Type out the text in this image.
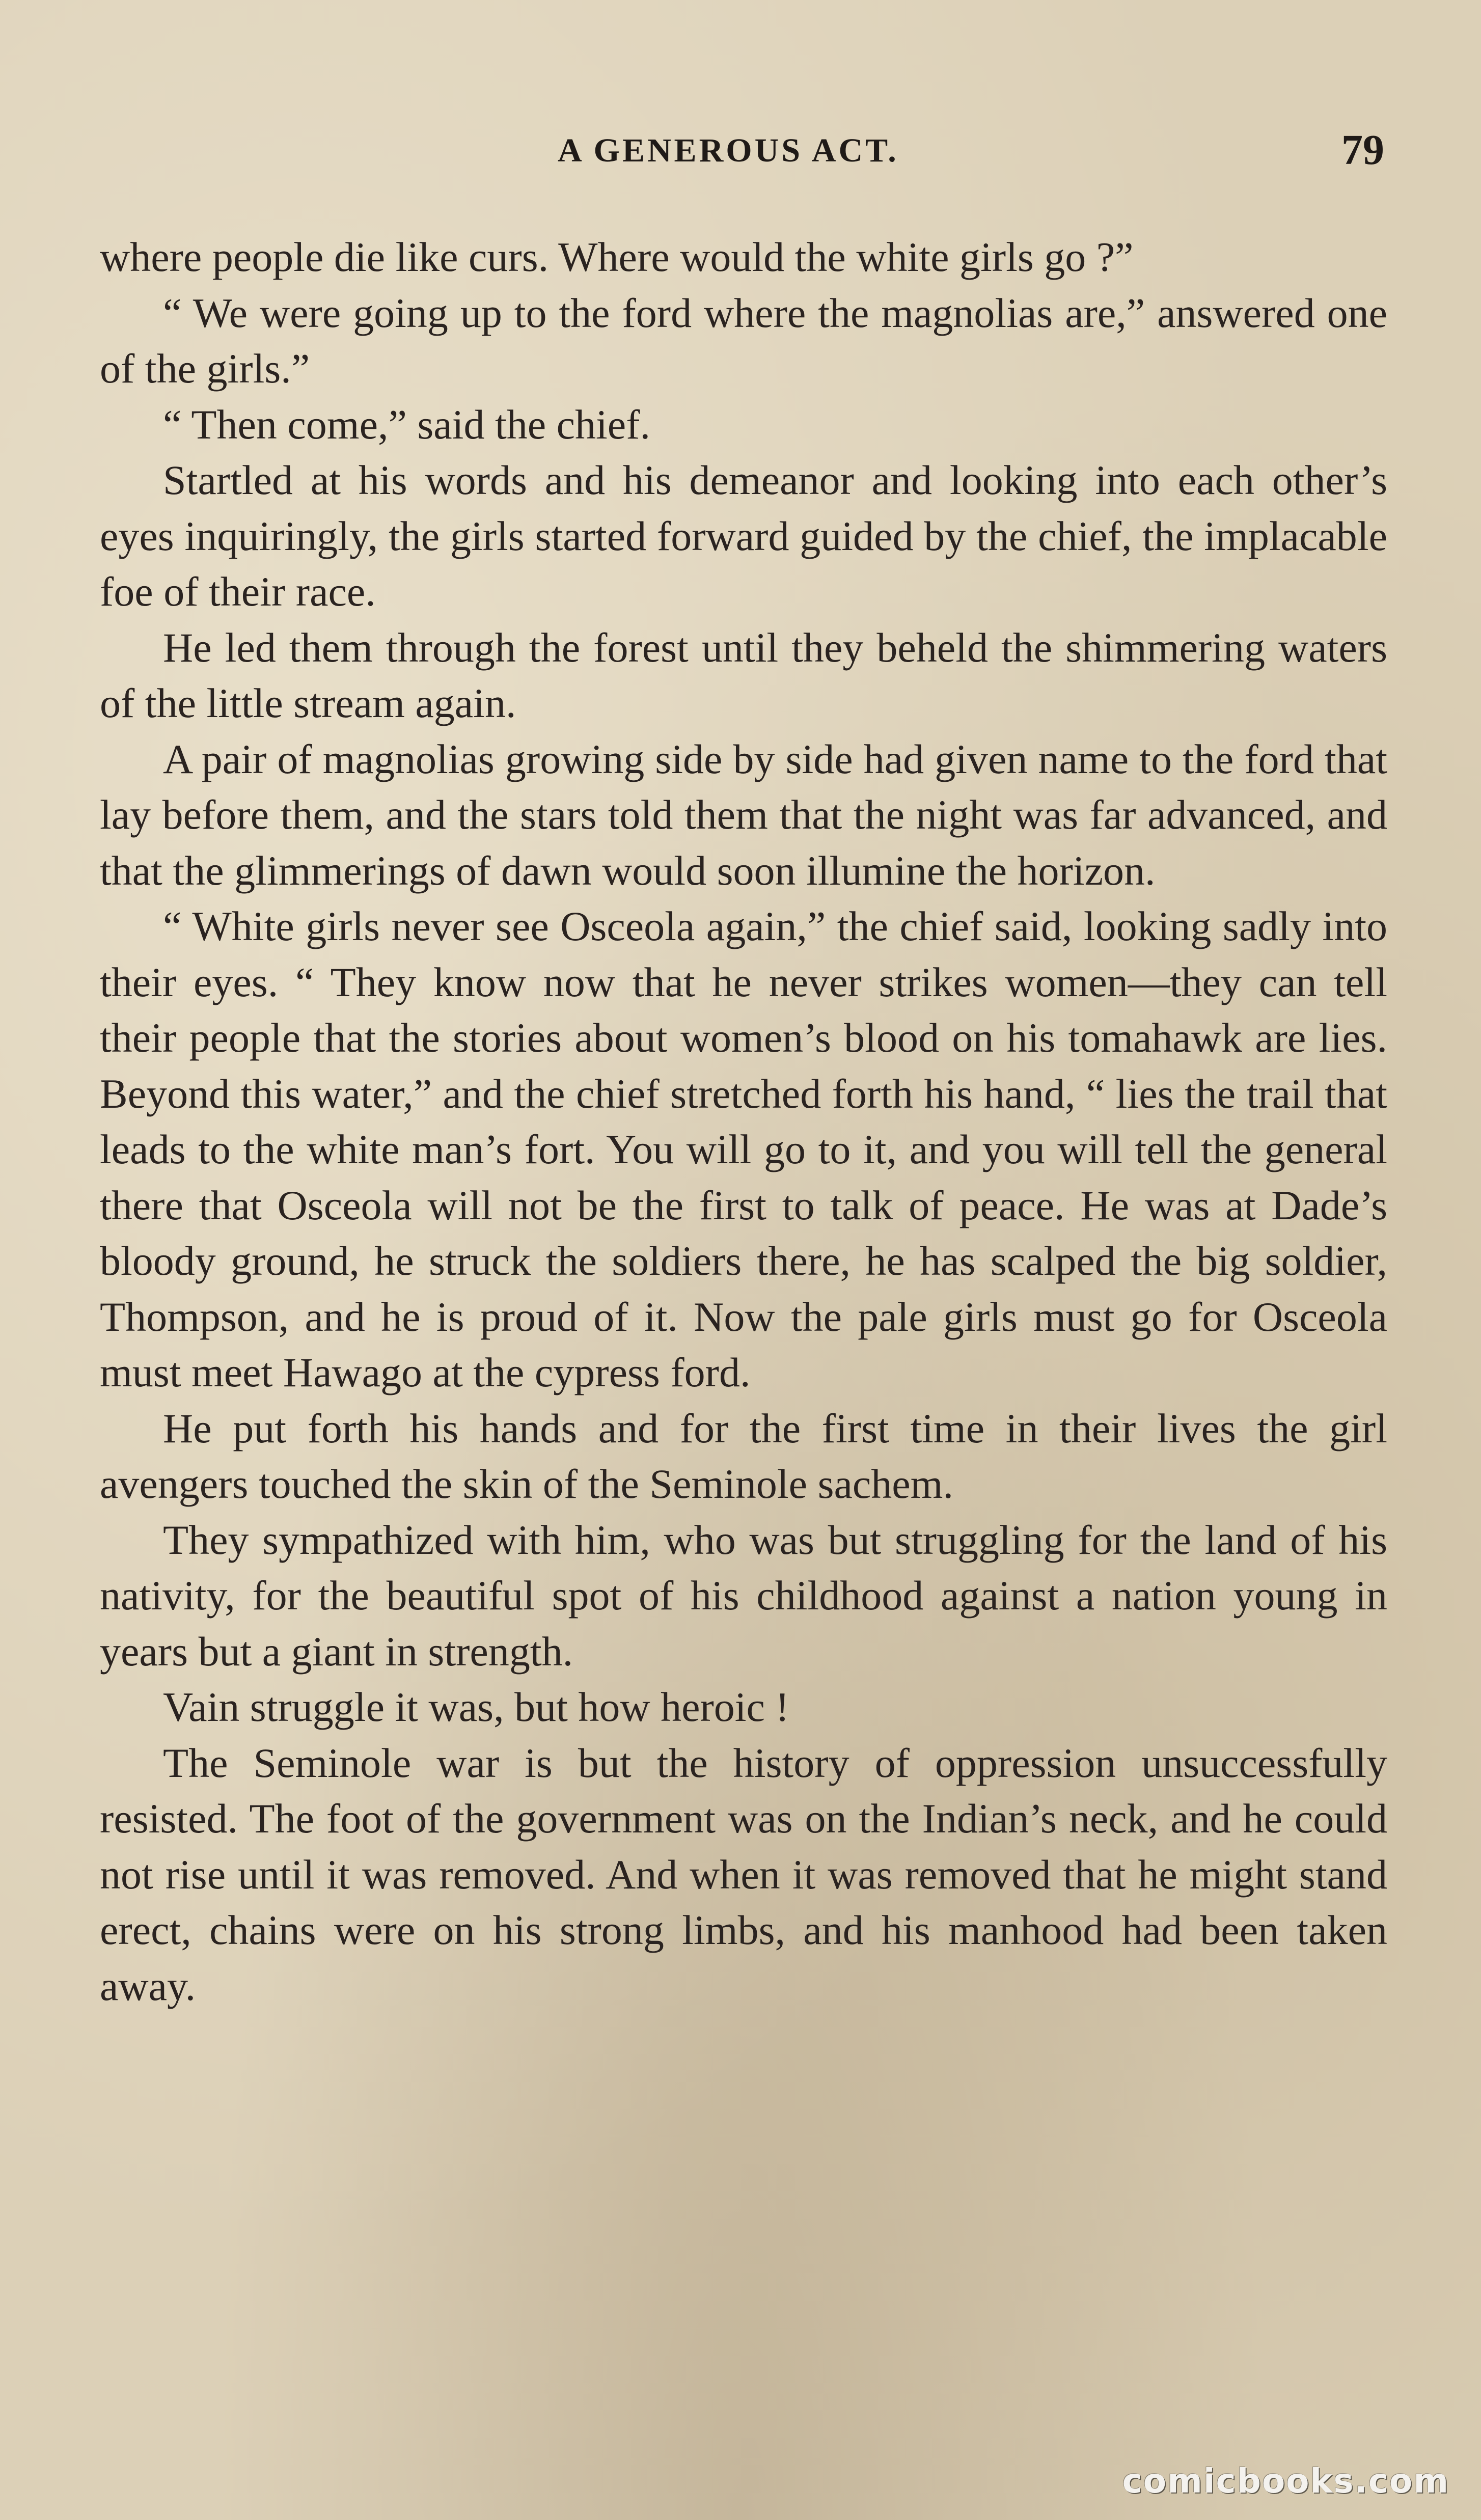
A GENEROUS ACT.	79

where people die like curs. Where would the white girls go ?”

“ We were going up to the ford where the magnolias are,” answered one of the girls.”

“ Then come,” said the chief.

Startled at his words and his demeanor and looking into each other’s eyes inquiringly, the girls started forward guided by the chief, the implacable foe of their race.

He led them through the forest until they beheld the shimmering waters of the little stream again.

A pair of magnolias growing side by side had given name to the ford that lay before them, and the stars told them that the night was far advanced, and that the glimmerings of dawn would soon illumine the horizon.

“ White girls never see Osceola again,” the chief said, looking sadly into their eyes. “ They know now that he never strikes women—they can tell their people that the stories about women’s blood on his tomahawk are lies. Beyond this water,” and the chief stretched forth his hand, “ lies the trail that leads to the white man’s fort. You will go to it, and you will tell the general there that Osceola will not be the first to talk of peace. He was at Dade’s bloody ground, he struck the soldiers there, he has scalped the big soldier, Thompson, and he is proud of it. Now the pale girls must go for Osceola must meet Hawago at the cypress ford.

He put forth his hands and for the first time in their lives the girl avengers touched the skin of the Seminole sachem.

They sympathized with him, who was but struggling for the land of his nativity, for the beautiful spot of his childhood against a nation young in years but a giant in strength.

Vain struggle it was, but how heroic !

The Seminole war is but the history of oppression unsuccessfully resisted. The foot of the government was on the Indian’s neck, and he could not rise until it was removed. And when it was removed that he might stand erect, chains were on his strong limbs, and his manhood had been taken away.

comicbooks.com
